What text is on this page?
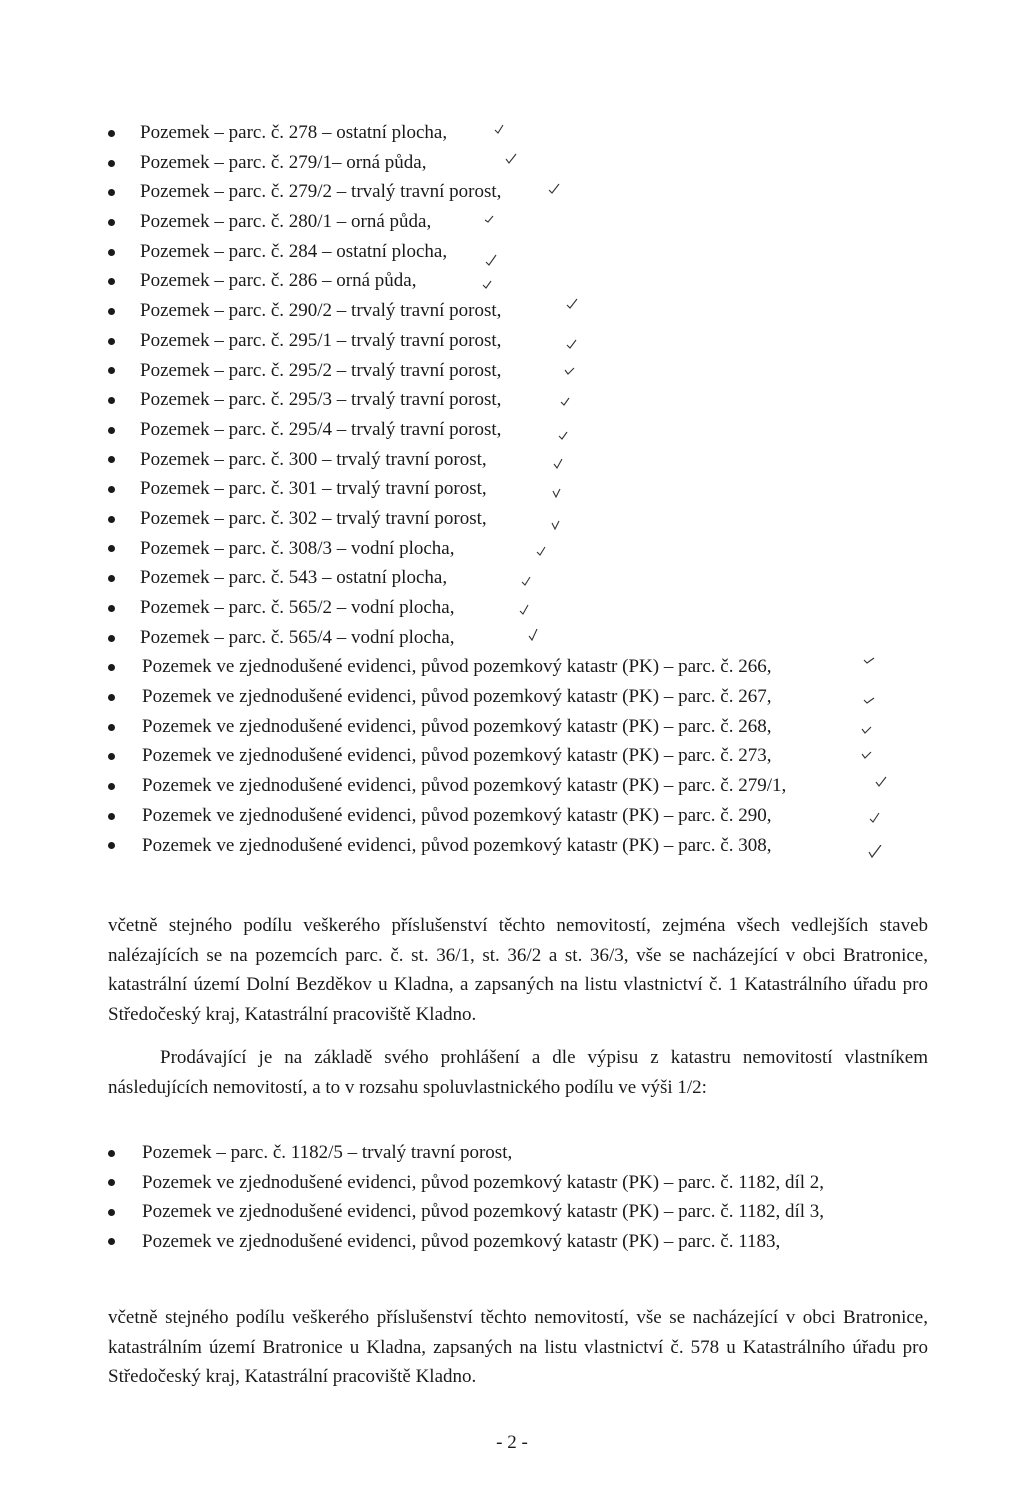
Pozemek – parc. č. 278 – ostatní plocha,
Pozemek – parc. č. 279/1– orná půda,
Pozemek – parc. č. 279/2 – trvalý travní porost,
Pozemek – parc. č. 280/1 – orná půda,
Pozemek – parc. č. 284 – ostatní plocha,
Pozemek – parc. č. 286 – orná půda,
Pozemek – parc. č. 290/2 – trvalý travní porost,
Pozemek – parc. č. 295/1 – trvalý travní porost,
Pozemek – parc. č. 295/2 – trvalý travní porost,
Pozemek – parc. č. 295/3 – trvalý travní porost,
Pozemek – parc. č. 295/4 – trvalý travní porost,
Pozemek – parc. č. 300 – trvalý travní porost,
Pozemek – parc. č. 301 – trvalý travní porost,
Pozemek – parc. č. 302 – trvalý travní porost,
Pozemek – parc. č. 308/3 – vodní plocha,
Pozemek – parc. č. 543 – ostatní plocha,
Pozemek – parc. č. 565/2 – vodní plocha,
Pozemek – parc. č. 565/4 – vodní plocha,
Pozemek ve zjednodušené evidenci, původ pozemkový katastr (PK) – parc. č. 266,
Pozemek ve zjednodušené evidenci, původ pozemkový katastr (PK) – parc. č. 267,
Pozemek ve zjednodušené evidenci, původ pozemkový katastr (PK) – parc. č. 268,
Pozemek ve zjednodušené evidenci, původ pozemkový katastr (PK) – parc. č. 273,
Pozemek ve zjednodušené evidenci, původ pozemkový katastr (PK) – parc. č. 279/1,
Pozemek ve zjednodušené evidenci, původ pozemkový katastr (PK) – parc. č. 290,
Pozemek ve zjednodušené evidenci, původ pozemkový katastr (PK) – parc. č. 308,

včetně stejného podílu veškerého příslušenství těchto nemovitostí, zejména všech vedlejších staveb nalézajících se na pozemcích parc. č. st. 36/1, st. 36/2 a st. 36/3, vše se nacházející v obci Bratronice, katastrální území Dolní Bezděkov u Kladna, a zapsaných na listu vlastnictví č. 1 Katastrálního úřadu pro Středočeský kraj, Katastrální pracoviště Kladno.

Prodávající je na základě svého prohlášení a dle výpisu z katastru nemovitostí vlastníkem následujících nemovitostí, a to v rozsahu spoluvlastnického podílu ve výši 1/2:

Pozemek – parc. č. 1182/5 – trvalý travní porost,
Pozemek ve zjednodušené evidenci, původ pozemkový katastr (PK) – parc. č. 1182, díl 2,
Pozemek ve zjednodušené evidenci, původ pozemkový katastr (PK) – parc. č. 1182, díl 3,
Pozemek ve zjednodušené evidenci, původ pozemkový katastr (PK) – parc. č. 1183,

včetně stejného podílu veškerého příslušenství těchto nemovitostí, vše se nacházející v obci Bratronice, katastrálním území Bratronice u Kladna, zapsaných na listu vlastnictví č. 578 u Katastrálního úřadu pro Středočeský kraj, Katastrální pracoviště Kladno.

- 2 -
